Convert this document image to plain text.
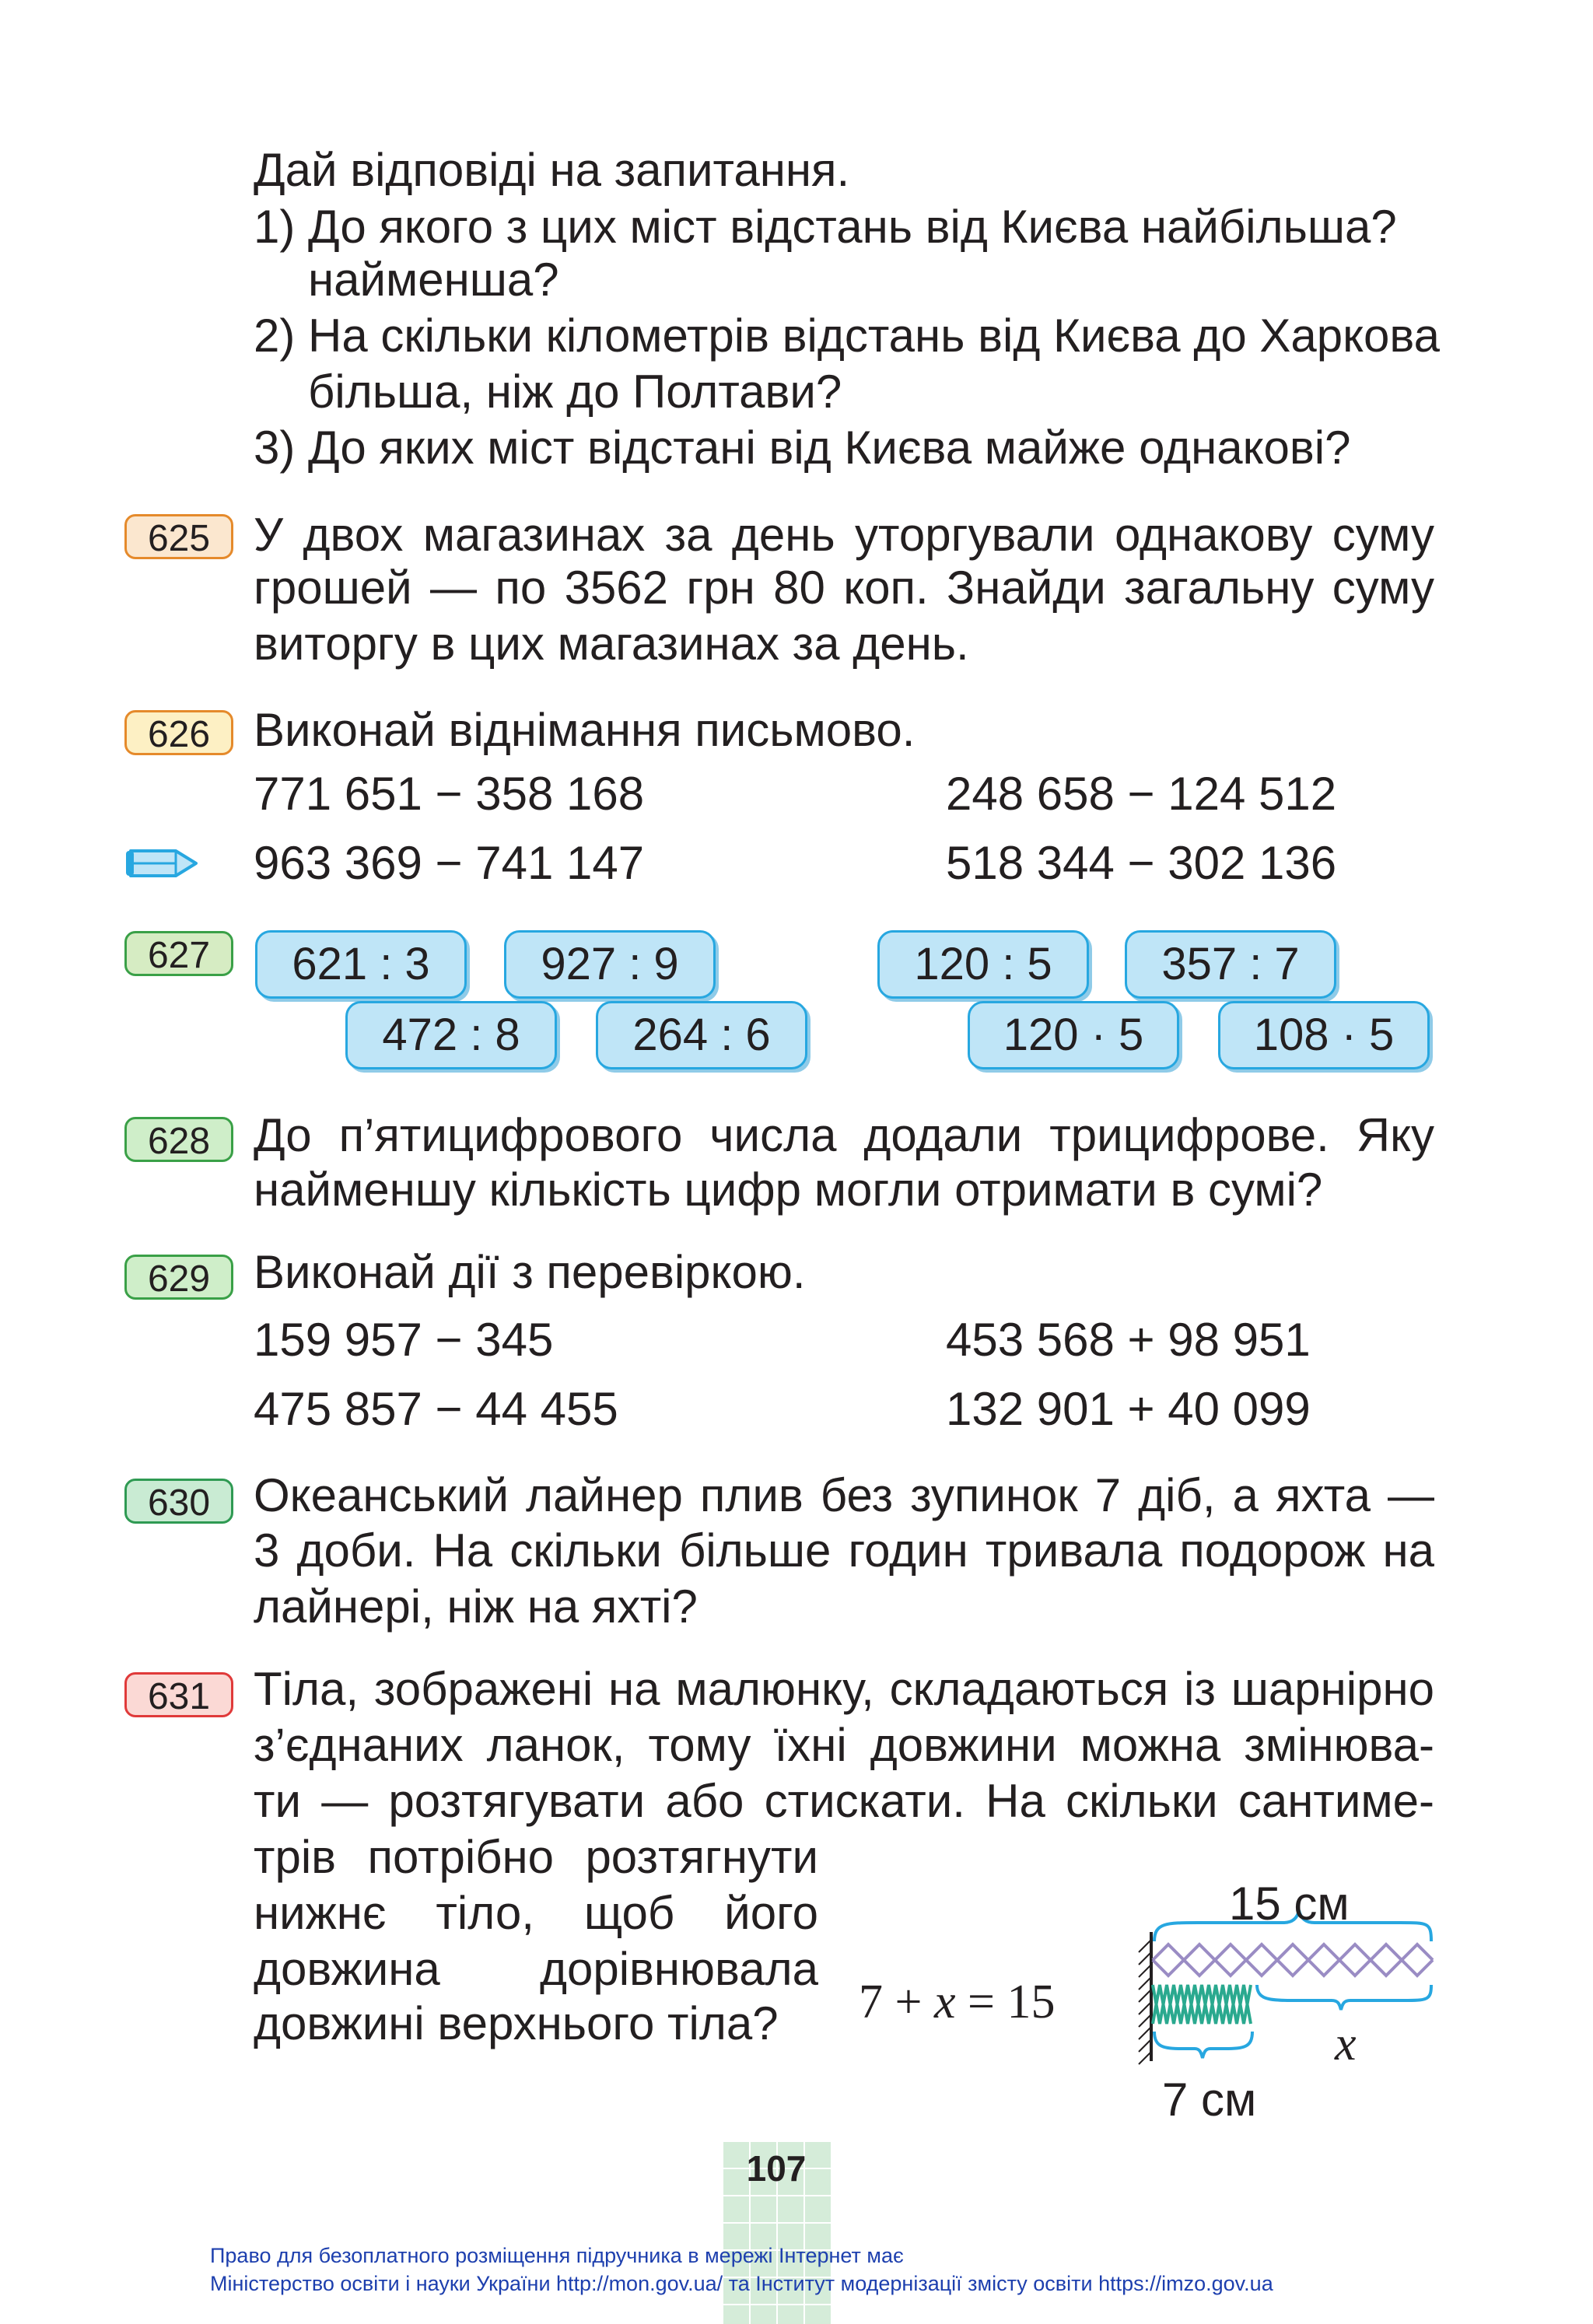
Дай відповіді на запитання.
1) До якого з цих міст відстань від Києва найбільша?
найменша?
2) На скільки кілометрів відстань від Києва до Харкова
більша, ніж до Полтави?
3) До яких міст відстані від Києва майже однакові?
625 У двох магазинах за день уторгували однакову суму
грошей — по 3562 грн 80 коп. Знайди загальну суму
виторгу в цих магазинах за день.
626 Виконай віднімання письмово.
771 651 − 358 168	248 658 − 124 512
963 369 − 741 147	518 344 − 302 136
627	621 : 3	927 : 9
472 : 8	264 : 6
120 : 5	357 : 7
120 · 5	108 · 5
628 До п’ятицифрового числа додали трицифрове. Яку
найменшу кількість цифр могли отримати в сумі?
629 Виконай дії з перевіркою.
159 957 − 345	453 568 + 98 951
475 857 − 44 455	132 901 + 40 099
630 Океанський лайнер плив без зупинок 7 діб, а яхта —
3 доби. На скільки більше годин тривала подорож на
лайнері, ніж на яхті?
631 Тіла, зображені на малюнку, складаються із шарнірно
з’єднаних ланок, тому їхні довжини можна змінюва-
ти — розтягувати або стискати. На скільки сантиме-
трів потрібно розтягнути
нижнє тіло, щоб його
довжина дорівнювала
довжині верхнього тіла? 7 + x = 15
15 см
7 см
x
107
Право для безоплатного розміщення підручника в мережі Інтернет має
Міністерство освіти і науки України http://mon.gov.ua/ та Інститут модернізації змісту освіти https://imzo.gov.ua
